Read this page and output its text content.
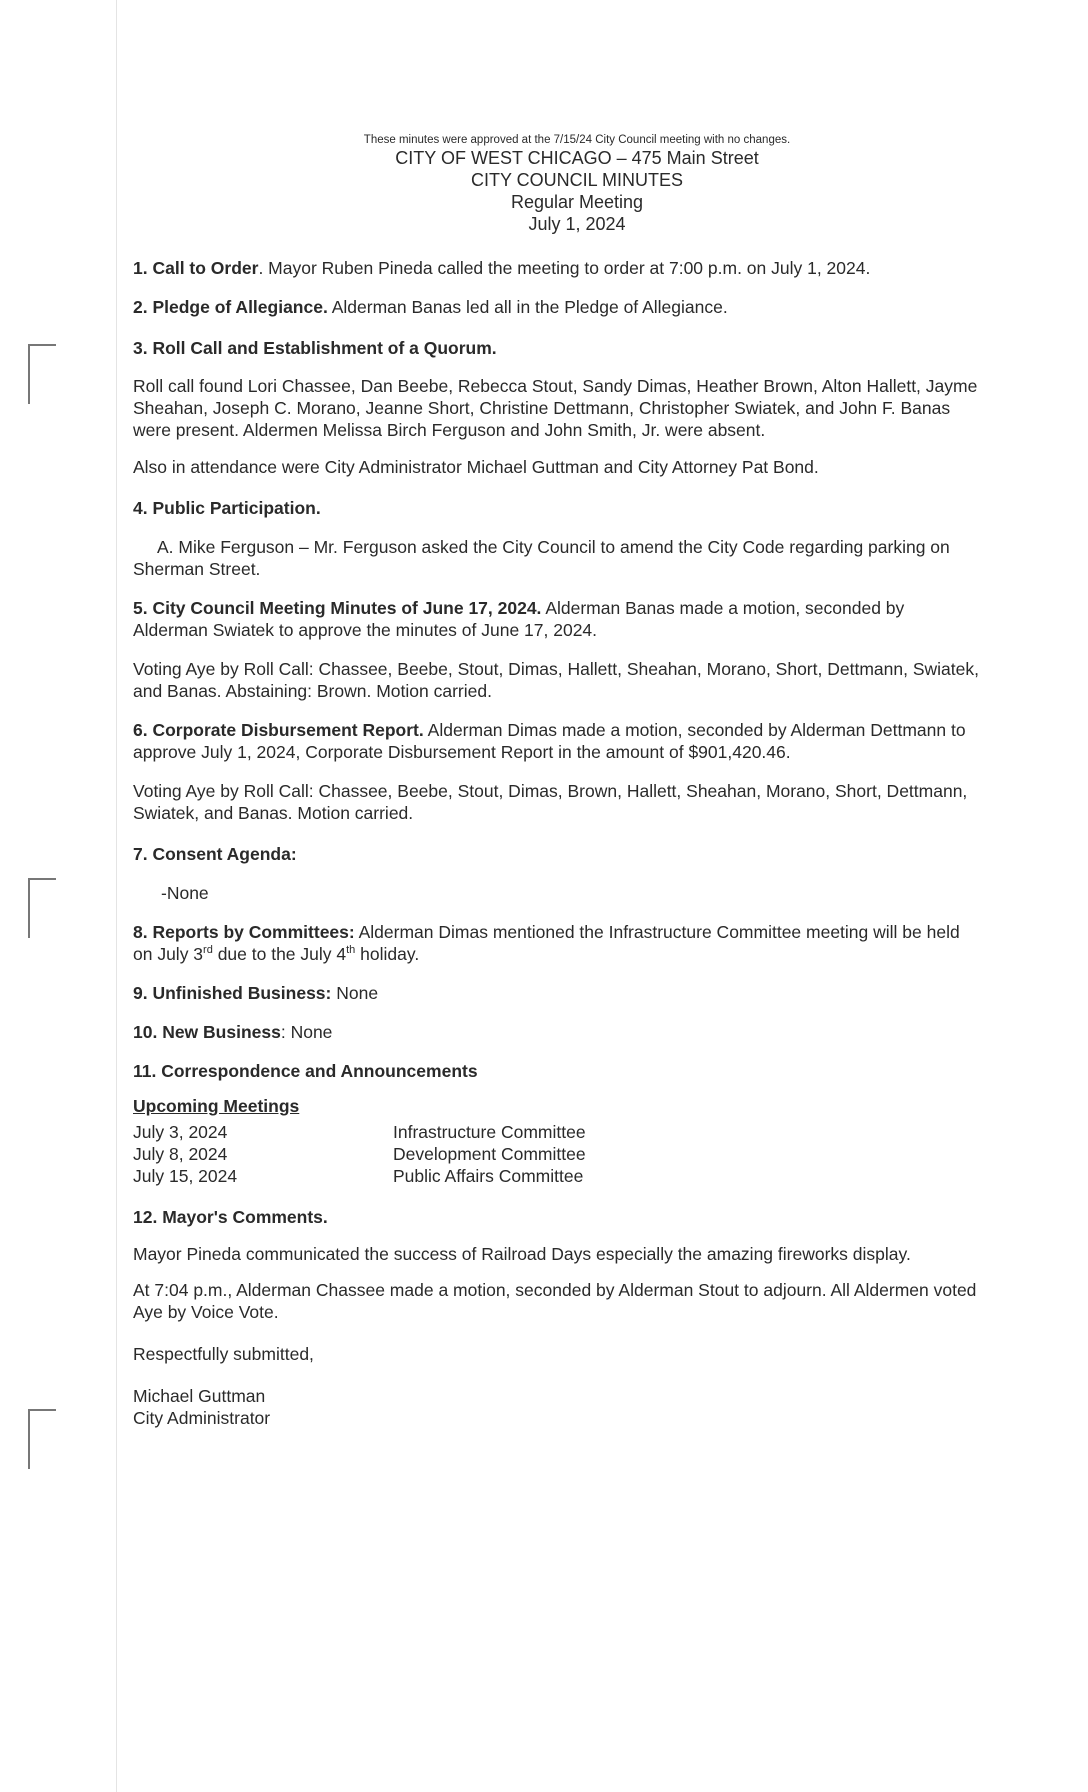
These minutes were approved at the 7/15/24 City Council meeting with no changes.
CITY OF WEST CHICAGO – 475 Main Street
CITY COUNCIL MINUTES
Regular Meeting
July 1, 2024

1. Call to Order. Mayor Ruben Pineda called the meeting to order at 7:00 p.m. on July 1, 2024.

2. Pledge of Allegiance. Alderman Banas led all in the Pledge of Allegiance.

3. Roll Call and Establishment of a Quorum.

Roll call found Lori Chassee, Dan Beebe, Rebecca Stout, Sandy Dimas, Heather Brown, Alton Hallett, Jayme Sheahan, Joseph C. Morano, Jeanne Short, Christine Dettmann, Christopher Swiatek, and John F. Banas were present. Aldermen Melissa Birch Ferguson and John Smith, Jr. were absent.

Also in attendance were City Administrator Michael Guttman and City Attorney Pat Bond.

4. Public Participation.

A. Mike Ferguson – Mr. Ferguson asked the City Council to amend the City Code regarding parking on Sherman Street.

5. City Council Meeting Minutes of June 17, 2024. Alderman Banas made a motion, seconded by Alderman Swiatek to approve the minutes of June 17, 2024.

Voting Aye by Roll Call: Chassee, Beebe, Stout, Dimas, Hallett, Sheahan, Morano, Short, Dettmann, Swiatek, and Banas. Abstaining: Brown. Motion carried.

6. Corporate Disbursement Report. Alderman Dimas made a motion, seconded by Alderman Dettmann to approve July 1, 2024, Corporate Disbursement Report in the amount of $901,420.46.

Voting Aye by Roll Call: Chassee, Beebe, Stout, Dimas, Brown, Hallett, Sheahan, Morano, Short, Dettmann, Swiatek, and Banas. Motion carried.

7. Consent Agenda:

-None

8. Reports by Committees: Alderman Dimas mentioned the Infrastructure Committee meeting will be held on July 3rd due to the July 4th holiday.

9. Unfinished Business: None

10. New Business: None

11. Correspondence and Announcements

Upcoming Meetings

July 3, 2024	Infrastructure Committee
July 8, 2024	Development Committee
July 15, 2024	Public Affairs Committee

12. Mayor's Comments.

Mayor Pineda communicated the success of Railroad Days especially the amazing fireworks display.

At 7:04 p.m., Alderman Chassee made a motion, seconded by Alderman Stout to adjourn. All Aldermen voted Aye by Voice Vote.

Respectfully submitted,

Michael Guttman

City Administrator
